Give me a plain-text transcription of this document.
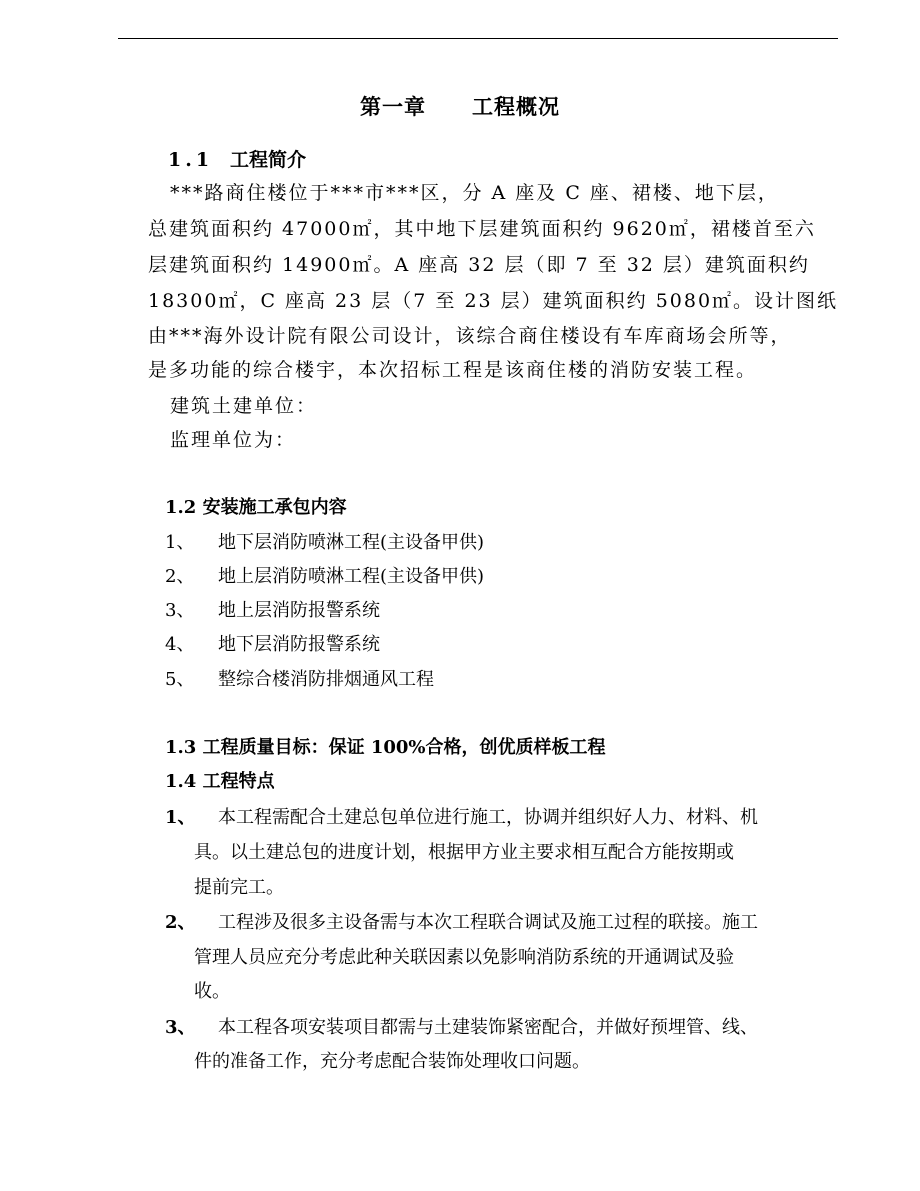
第一章 工程概况
1.1 工程简介
***路商住楼位于***市***区，分 A 座及 C 座、裙楼、地下层，
总建筑面积约 47000㎡，其中地下层建筑面积约 9620㎡，裙楼首至六
层建筑面积约 14900㎡。A 座高 32 层（即 7 至 32 层）建筑面积约
18300㎡，C 座高 23 层（7 至 23 层）建筑面积约 5080㎡。设计图纸
由***海外设计院有限公司设计，该综合商住楼设有车库商场会所等，
是多功能的综合楼宇，本次招标工程是该商住楼的消防安装工程。
建筑土建单位：
监理单位为：
1.2 安装施工承包内容
1、 地下层消防喷淋工程(主设备甲供)
2、 地上层消防喷淋工程(主设备甲供)
3、 地上层消防报警系统
4、 地下层消防报警系统
5、 整综合楼消防排烟通风工程
1.3 工程质量目标：保证 100%合格，创优质样板工程
1.4 工程特点
1、 本工程需配合土建总包单位进行施工，协调并组织好人力、材料、机
具。以土建总包的进度计划，根据甲方业主要求相互配合方能按期或
提前完工。
2、 工程涉及很多主设备需与本次工程联合调试及施工过程的联接。施工
管理人员应充分考虑此种关联因素以免影响消防系统的开通调试及验
收。
3、 本工程各项安装项目都需与土建装饰紧密配合，并做好预埋管、线、
件的准备工作，充分考虑配合装饰处理收口问题。
